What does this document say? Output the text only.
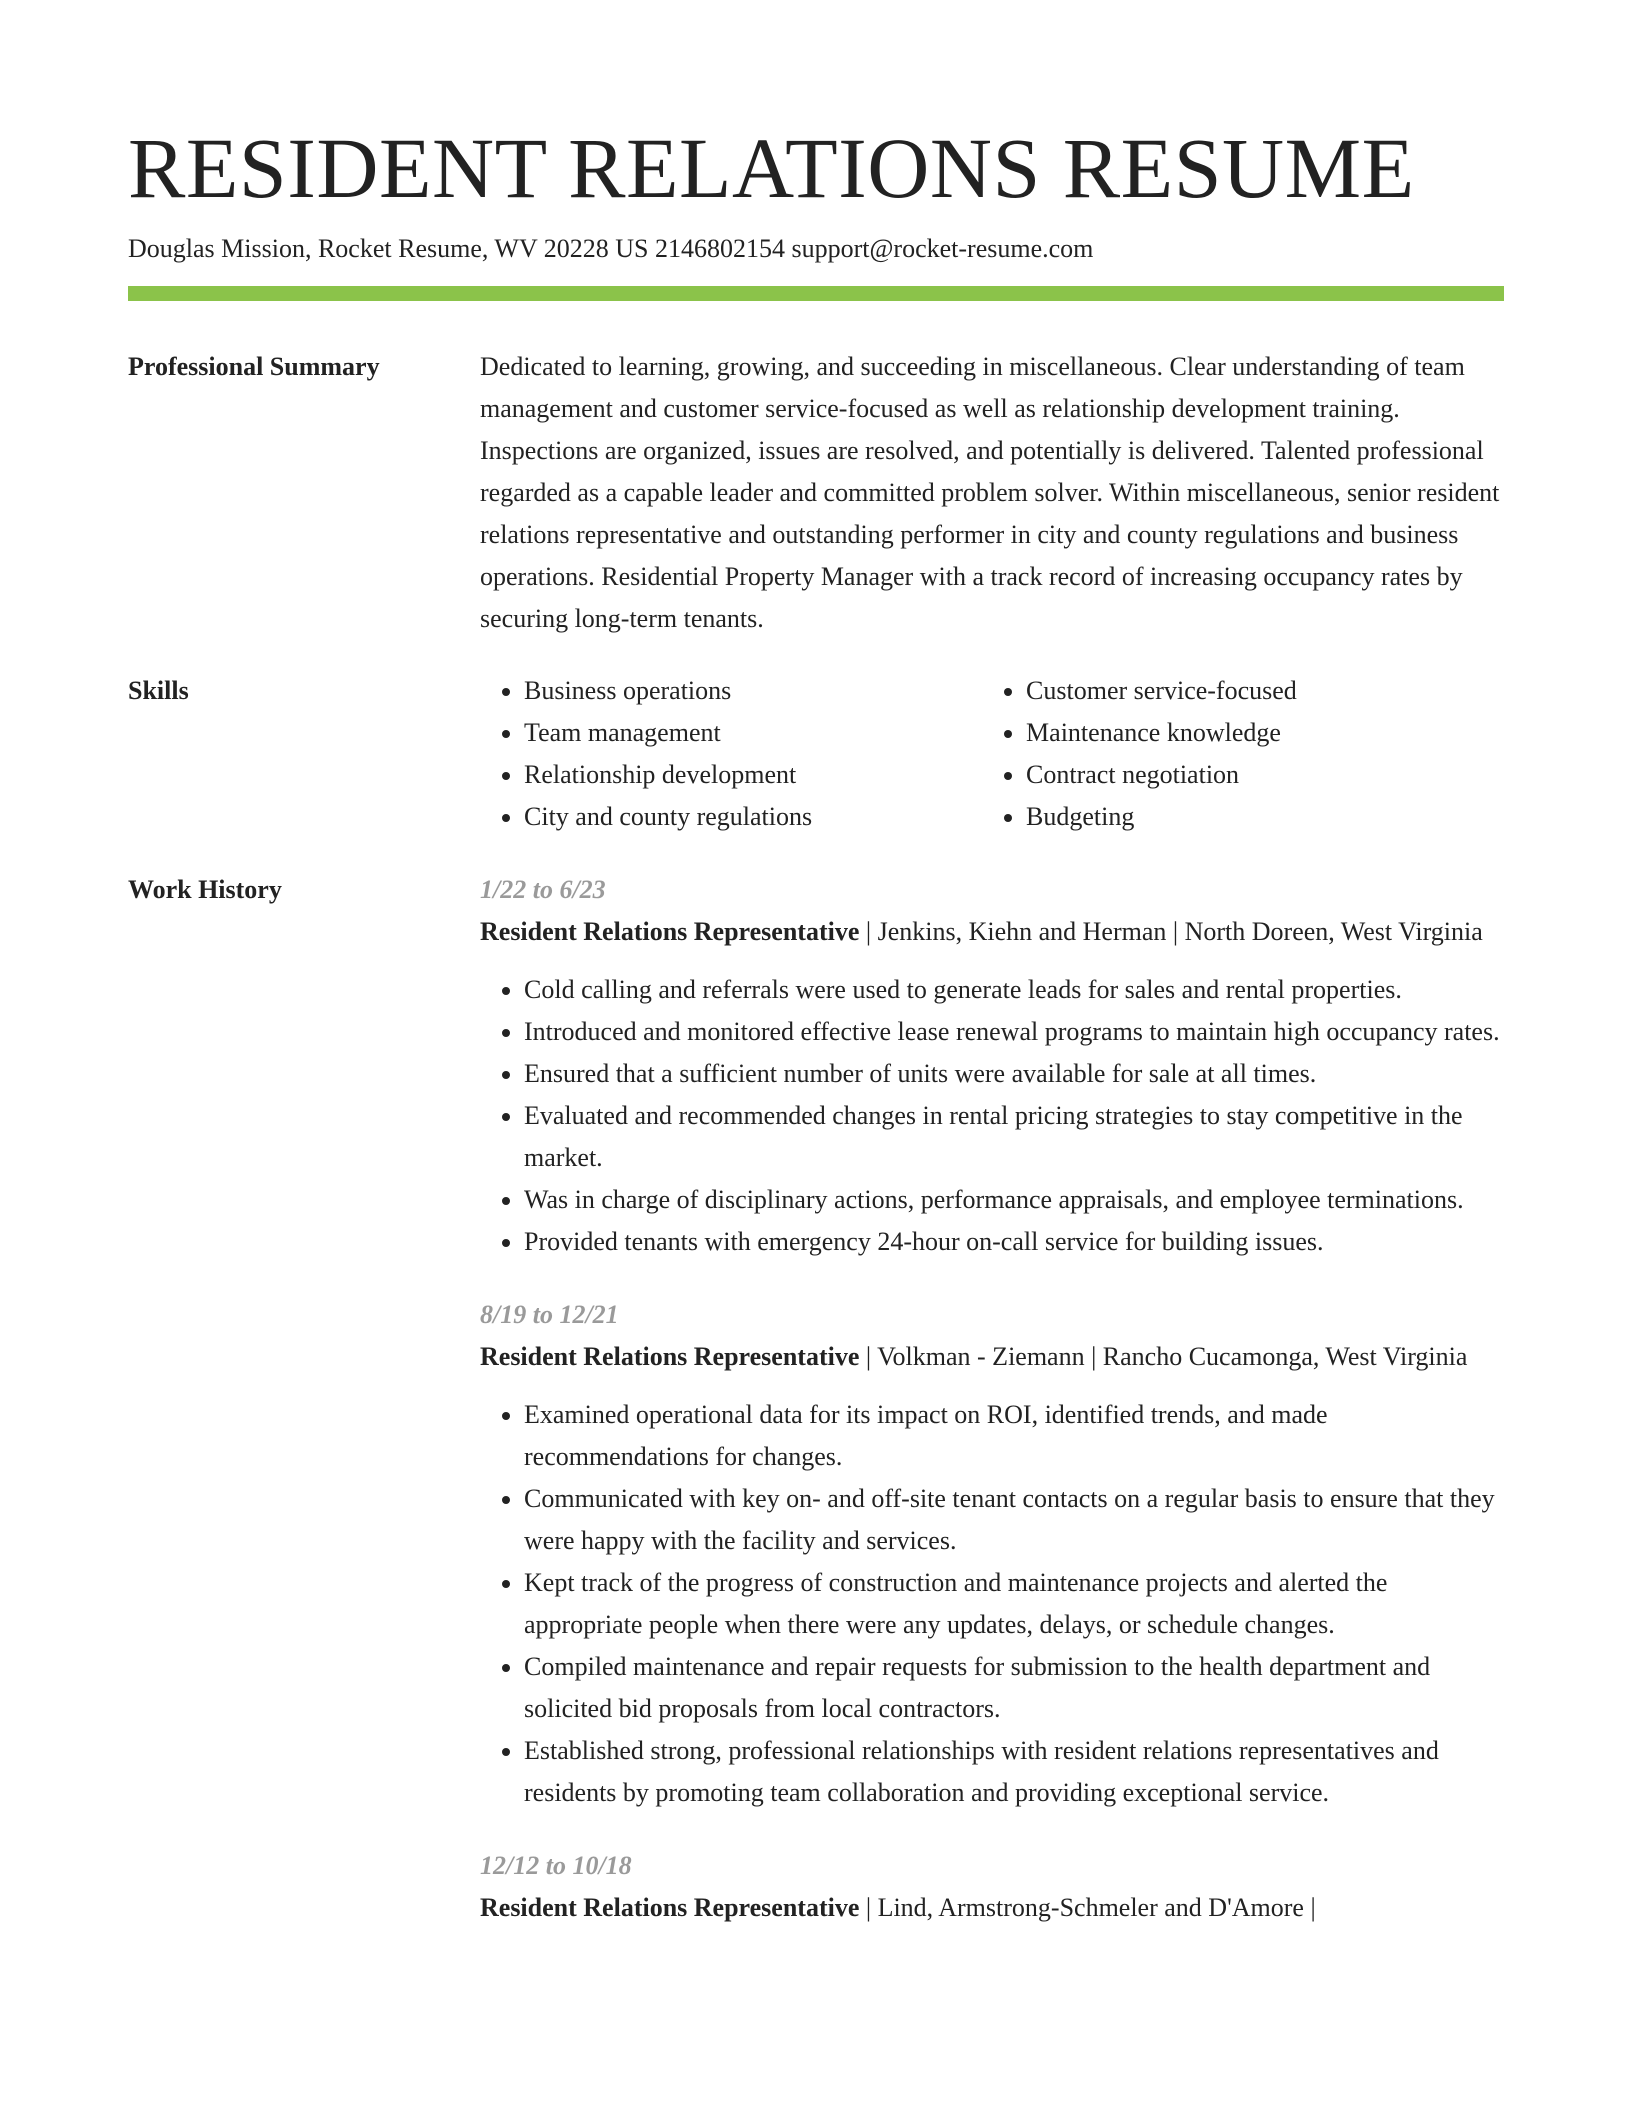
RESIDENT RELATIONS RESUME
Douglas Mission, Rocket Resume, WV 20228 US 2146802154 support@rocket-resume.com
Professional Summary	Dedicated to learning, growing, and succeeding in miscellaneous. Clear understanding of team management and customer service-focused as well as relationship development training. Inspections are organized, issues are resolved, and potentially is delivered. Talented professional regarded as a capable leader and committed problem solver. Within miscellaneous, senior resident relations representative and outstanding performer in city and county regulations and business operations. Residential Property Manager with a track record of increasing occupancy rates by securing long-term tenants.

Skills
•	Business operations
• Team management
• Relationship development
• City and county regulations
• Customer service-focused
• Maintenance knowledge
• Contract negotiation
• Budgeting
Work History	1/22 to 6/23
Resident Relations Representative | Jenkins, Kiehn and Herman | North Doreen, West Virginia
• Cold calling and referrals were used to generate leads for sales and rental properties.
• Introduced and monitored effective lease renewal programs to maintain high occupancy rates.
• Ensured that a sufficient number of units were available for sale at all times.
• Evaluated and recommended changes in rental pricing strategies to stay competitive in the market.
• Was in charge of disciplinary actions, performance appraisals, and employee terminations.
• Provided tenants with emergency 24-hour on-call service for building issues.
8/19 to 12/21
Resident Relations Representative | Volkman - Ziemann | Rancho Cucamonga, West Virginia
• Examined operational data for its impact on ROI, identified trends, and made recommendations for changes.
• Communicated with key on- and off-site tenant contacts on a regular basis to ensure that they were happy with the facility and services.
• Kept track of the progress of construction and maintenance projects and alerted the appropriate people when there were any updates, delays, or schedule changes.
• Compiled maintenance and repair requests for submission to the health department and solicited bid proposals from local contractors.
• Established strong, professional relationships with resident relations representatives and residents by promoting team collaboration and providing exceptional service.
12/12 to 10/18
Resident Relations Representative | Lind, Armstrong-Schmeler and D'Amore |
